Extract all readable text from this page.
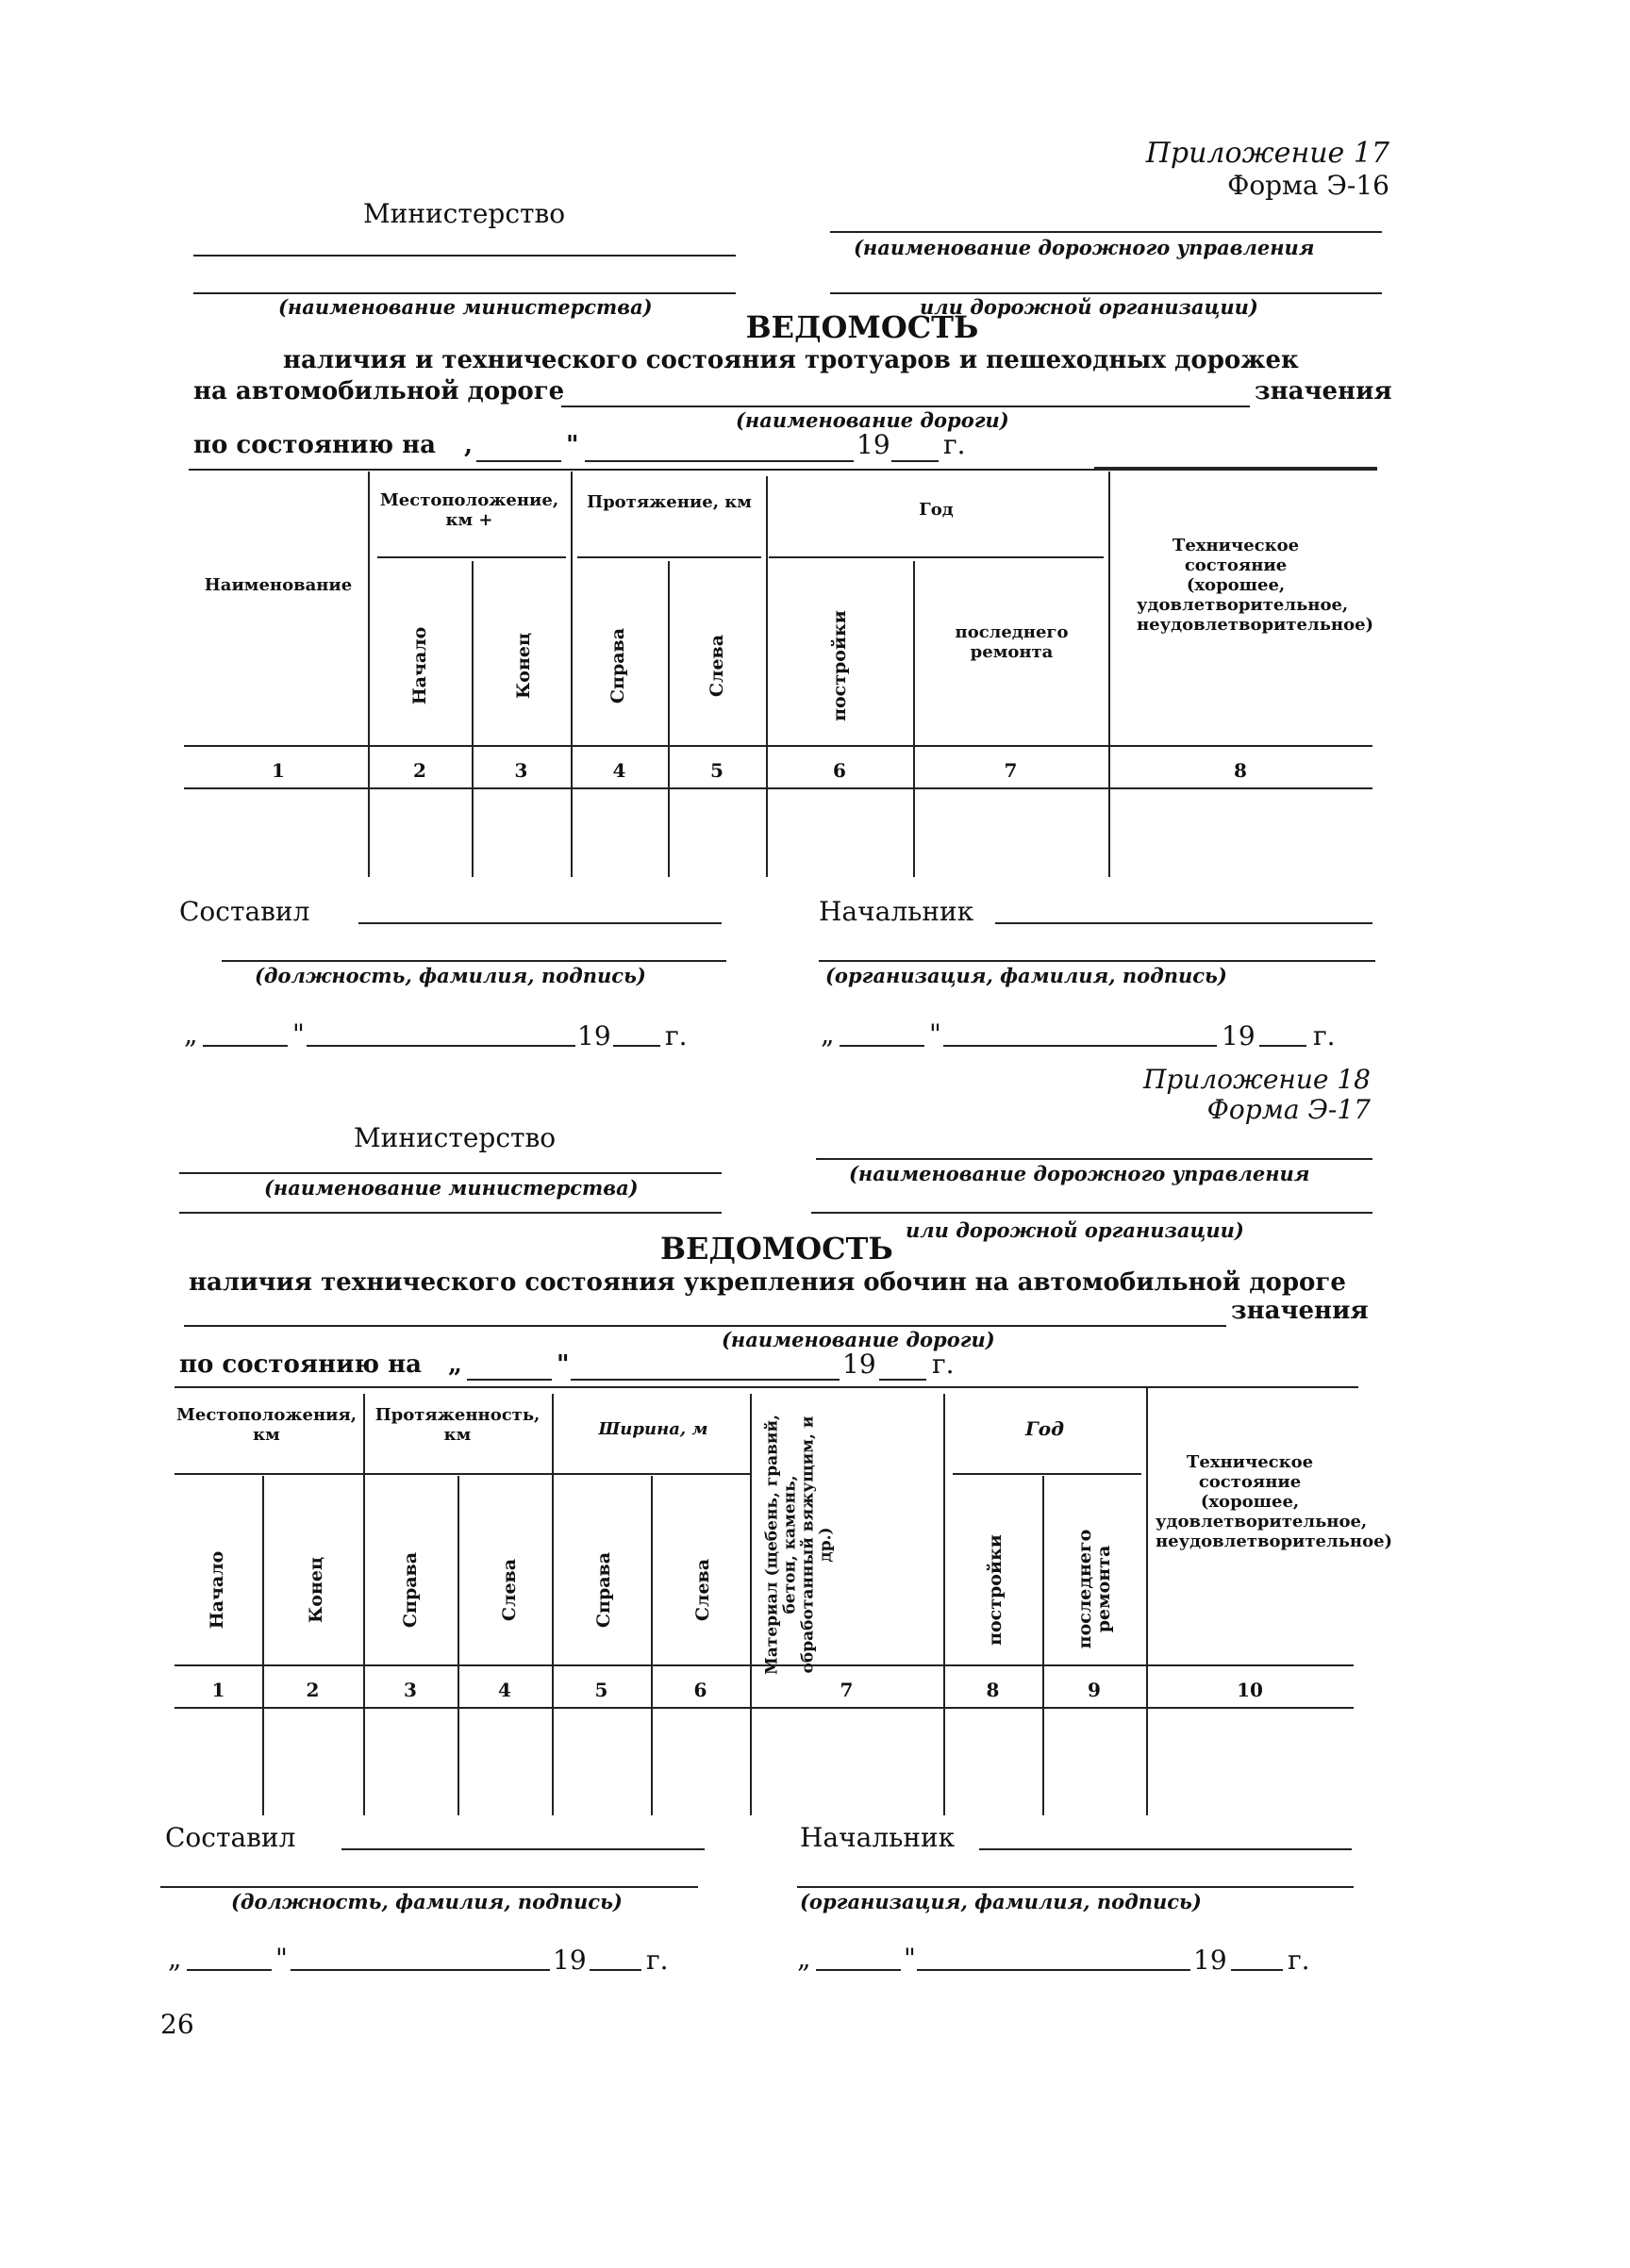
Приложение 17
Форма Э-16
Министерство
(наименование министерства)
(наименование дорожного управления
или дорожной организации)
ВЕДОМОСТЬ
наличия и технического состояния тротуаров и пешеходных дорожек
на автомобильной дороге	значения
(наименование дороги)
по состоянию на ,	"	19 г.
Наименование
Местоположение, км +
Начало	Конец
Протяжение, км
Справа	Слева
Год
постройки	последнего ремонта
Техническое состояние (хорошее, удовлетворительное, неудовлетворительное)
1	2	3	4	5	6	7	8
Составил
(должность, фамилия, подпись)
Начальник
(организация, фамилия, подпись)
„	"	19 г.	„	"	19 г.
Приложение 18
Форма Э-17
Министерство
(наименование министерства)
(наименование дорожного управления
или дорожной организации)
ВЕДОМОСТЬ
наличия технического состояния укрепления обочин на автомобильной дороге
значения
(наименование дороги)
по состоянию на „	"	19 г.
Местоположения, км
Начало	Конец
Протяженность, км
Справа	Слева
Ширина, м
Справа	Слева	Материал (щебень, гравий, бетон, камень, обработанный вяжущим, и др.)
Год
постройки	последнего ремонта
Техническое состояние (хорошее, удовлетворительное, неудовлетворительное)
1	2	3	4	5	6	7	8	9	10
Составил
(должность, фамилия, подпись)
Начальник
(организация, фамилия, подпись)
„	"	19 г.	„	"	19 г.
26
